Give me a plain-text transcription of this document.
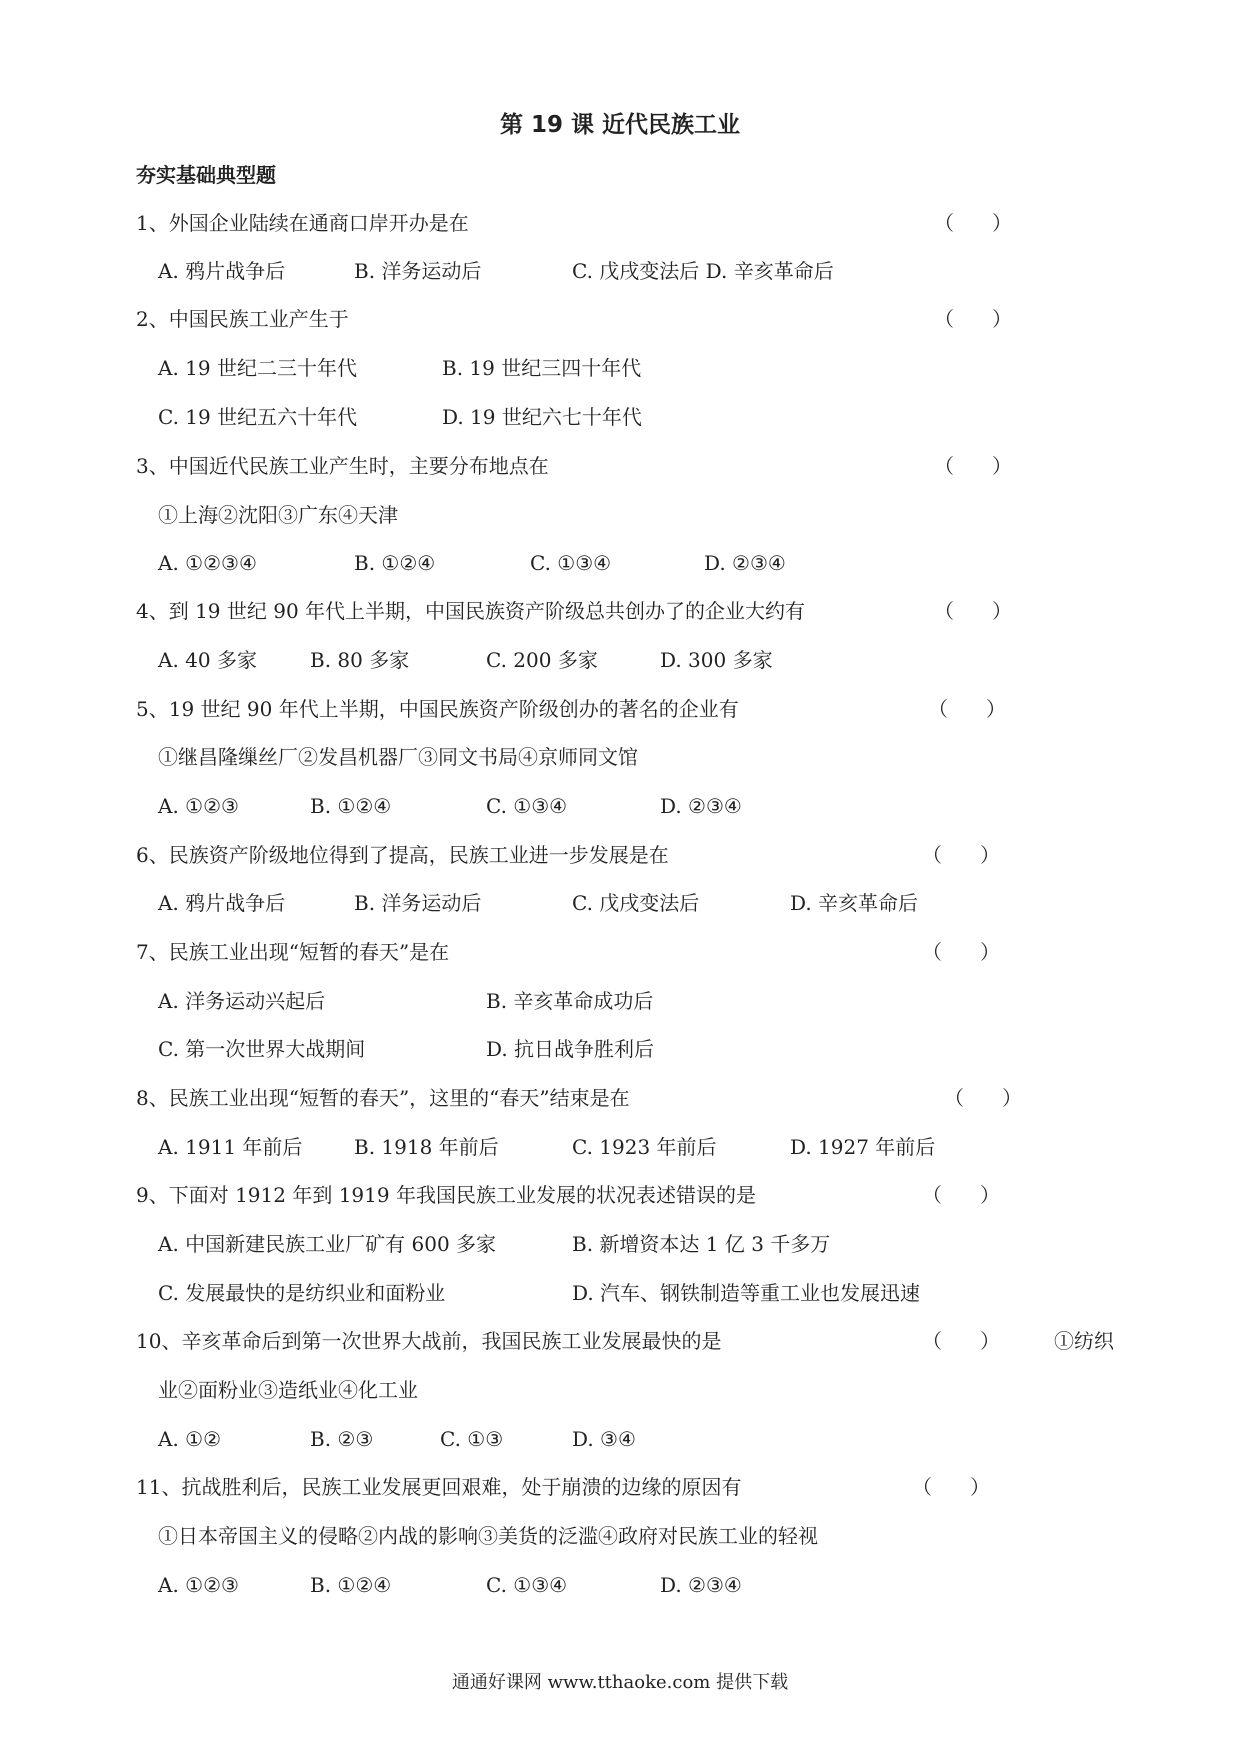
第 19 课 近代民族工业
夯实基础典型题
1、外国企业陆续在通商口岸开办是在	（ ）
A. 鸦片战争后	B. 洋务运动后	C. 戊戌变法后 D. 辛亥革命后
2、中国民族工业产生于	（ ）
A. 19 世纪二三十年代	B. 19 世纪三四十年代
C. 19 世纪五六十年代	D. 19 世纪六七十年代
3、中国近代民族工业产生时，主要分布地点在	（ ）
①上海②沈阳③广东④天津
A. ①②③④	B. ①②④	C. ①③④	D. ②③④
4、到 19 世纪 90 年代上半期，中国民族资产阶级总共创办了的企业大约有	（ ）
A. 40 多家	B. 80 多家	C. 200 多家	D. 300 多家
5、19 世纪 90 年代上半期，中国民族资产阶级创办的著名的企业有	（ ）
①继昌隆缫丝厂②发昌机器厂③同文书局④京师同文馆
A. ①②③	B. ①②④	C. ①③④	D. ②③④
6、民族资产阶级地位得到了提高，民族工业进一步发展是在	（ ）
A. 鸦片战争后	B. 洋务运动后	C. 戊戌变法后	D. 辛亥革命后
7、民族工业出现“短暂的春天”是在	（ ）
A. 洋务运动兴起后	B. 辛亥革命成功后
C. 第一次世界大战期间	D. 抗日战争胜利后
8、民族工业出现“短暂的春天”，这里的“春天”结束是在	（ ）
A. 1911 年前后	B. 1918 年前后	C. 1923 年前后	D. 1927 年前后
9、下面对 1912 年到 1919 年我国民族工业发展的状况表述错误的是	（ ）
A. 中国新建民族工业厂矿有 600 多家	B. 新增资本达 1 亿 3 千多万
C. 发展最快的是纺织业和面粉业	D. 汽车、钢铁制造等重工业也发展迅速
10、辛亥革命后到第一次世界大战前，我国民族工业发展最快的是	（ ）	①纺织
业②面粉业③造纸业④化工业
A. ①②	B. ②③	C. ①③	D. ③④
11、抗战胜利后，民族工业发展更回艰难，处于崩溃的边缘的原因有	（ ）
①日本帝国主义的侵略②内战的影响③美货的泛滥④政府对民族工业的轻视
A. ①②③	B. ①②④	C. ①③④	D. ②③④
通通好课网 www.tthaoke.com 提供下载
